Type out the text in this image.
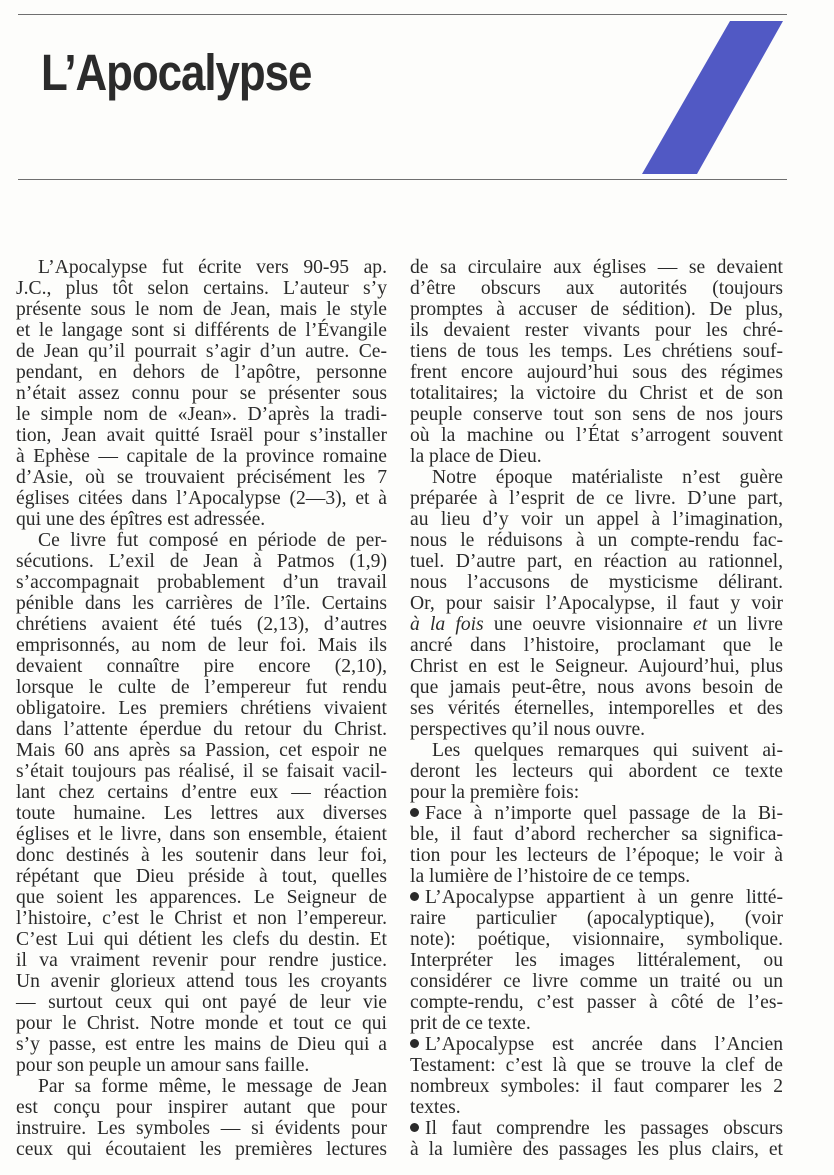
L’Apocalypse
L’Apocalypse fut écrite vers 90-95 ap.
J.C., plus tôt selon certains. L’auteur s’y
présente sous le nom de Jean, mais le style
et le langage sont si différents de l’Évangile
de Jean qu’il pourrait s’agir d’un autre. Ce-
pendant, en dehors de l’apôtre, personne
n’était assez connu pour se présenter sous
le simple nom de «Jean». D’après la tradi-
tion, Jean avait quitté Israël pour s’installer
à Ephèse — capitale de la province romaine
d’Asie, où se trouvaient précisément les 7
églises citées dans l’Apocalypse (2—3), et à
qui une des épîtres est adressée.
Ce livre fut composé en période de per-
sécutions. L’exil de Jean à Patmos (1,9)
s’accompagnait probablement d’un travail
pénible dans les carrières de l’île. Certains
chrétiens avaient été tués (2,13), d’autres
emprisonnés, au nom de leur foi. Mais ils
devaient connaître pire encore (2,10),
lorsque le culte de l’empereur fut rendu
obligatoire. Les premiers chrétiens vivaient
dans l’attente éperdue du retour du Christ.
Mais 60 ans après sa Passion, cet espoir ne
s’était toujours pas réalisé, il se faisait vacil-
lant chez certains d’entre eux — réaction
toute humaine. Les lettres aux diverses
églises et le livre, dans son ensemble, étaient
donc destinés à les soutenir dans leur foi,
répétant que Dieu préside à tout, quelles
que soient les apparences. Le Seigneur de
l’histoire, c’est le Christ et non l’empereur.
C’est Lui qui détient les clefs du destin. Et
il va vraiment revenir pour rendre justice.
Un avenir glorieux attend tous les croyants
— surtout ceux qui ont payé de leur vie
pour le Christ. Notre monde et tout ce qui
s’y passe, est entre les mains de Dieu qui a
pour son peuple un amour sans faille.
Par sa forme même, le message de Jean
est conçu pour inspirer autant que pour
instruire. Les symboles — si évidents pour
ceux qui écoutaient les premières lectures
de sa circulaire aux églises — se devaient
d’être obscurs aux autorités (toujours
promptes à accuser de sédition). De plus,
ils devaient rester vivants pour les chré-
tiens de tous les temps. Les chrétiens souf-
frent encore aujourd’hui sous des régimes
totalitaires; la victoire du Christ et de son
peuple conserve tout son sens de nos jours
où la machine ou l’État s’arrogent souvent
la place de Dieu.
Notre époque matérialiste n’est guère
préparée à l’esprit de ce livre. D’une part,
au lieu d’y voir un appel à l’imagination,
nous le réduisons à un compte-rendu fac-
tuel. D’autre part, en réaction au rationnel,
nous l’accusons de mysticisme délirant.
Or, pour saisir l’Apocalypse, il faut y voir
à la fois une oeuvre visionnaire et un livre
ancré dans l’histoire, proclamant que le
Christ en est le Seigneur. Aujourd’hui, plus
que jamais peut-être, nous avons besoin de
ses vérités éternelles, intemporelles et des
perspectives qu’il nous ouvre.
Les quelques remarques qui suivent ai-
deront les lecteurs qui abordent ce texte
pour la première fois:
Face à n’importe quel passage de la Bi-
ble, il faut d’abord rechercher sa significa-
tion pour les lecteurs de l’époque; le voir à
la lumière de l’histoire de ce temps.
L’Apocalypse appartient à un genre litté-
raire particulier (apocalyptique), (voir
note): poétique, visionnaire, symbolique.
Interpréter les images littéralement, ou
considérer ce livre comme un traité ou un
compte-rendu, c’est passer à côté de l’es-
prit de ce texte.
L’Apocalypse est ancrée dans l’Ancien
Testament: c’est là que se trouve la clef de
nombreux symboles: il faut comparer les 2
textes.
Il faut comprendre les passages obscurs
à la lumière des passages les plus clairs, et
